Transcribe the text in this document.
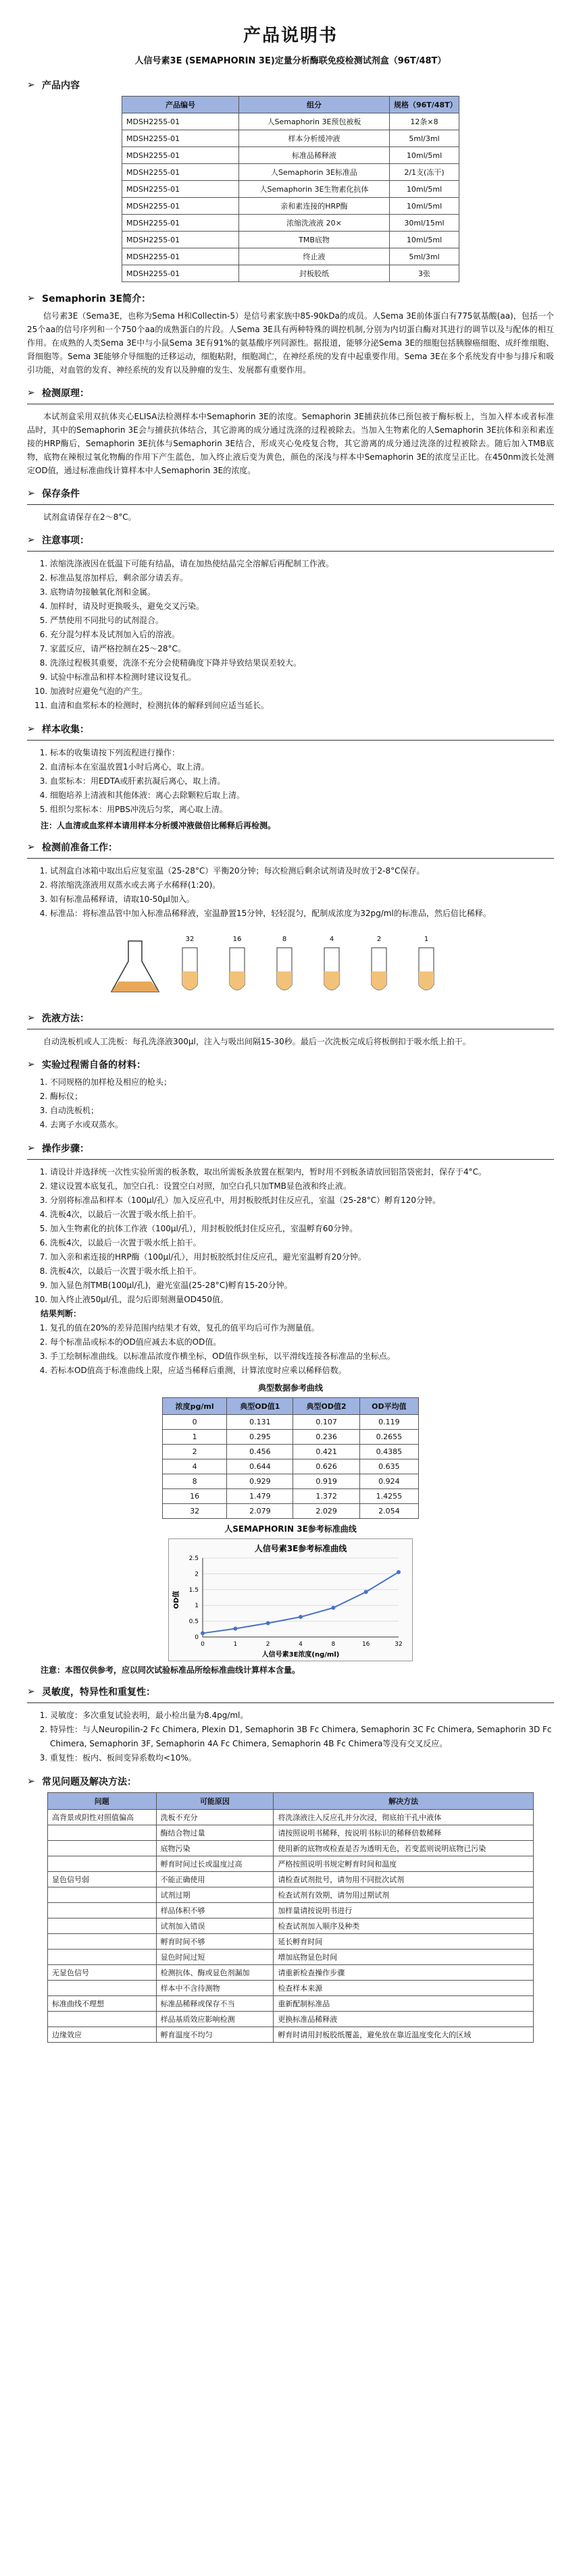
产品说明书
人信号素3E (SEMAPHORIN 3E)定量分析酶联免疫检测试剂盒（96T/48T）
➢ 产品内容
产品编号	组分	规格（96T/48T）
MDSH2255-01	人Semaphorin 3E预包被板	12条×8
MDSH2255-01	样本分析缓冲液	5ml/3ml
MDSH2255-01	标准品稀释液	10ml/5ml
MDSH2255-01	人Semaphorin 3E标准品	2/1支(冻干)
MDSH2255-01	人Semaphorin 3E生物素化抗体	10ml/5ml
MDSH2255-01	亲和素连接的HRP酶	10ml/5ml
MDSH2255-01	浓缩洗液液 20×	30ml/15ml
MDSH2255-01	TMB底物	10ml/5ml
MDSH2255-01	终止液	5ml/3ml
MDSH2255-01	封板胶纸	3张
➢ Semaphorin 3E简介：

信号素3E（Sema3E，也称为Sema H和Collectin-5）是信号素家族中85-90kDa的成员。人Sema 3E前体蛋白有775氨基酸(aa)，包括一个25个aa的信号序列和一个750个aa的成熟蛋白的片段。人Sema 3E具有两种特殊的调控机制,分别为内切蛋白酶对其进行的调节以及与配体的相互作用。在成熟的人类Sema 3E中与小鼠Sema 3E有91%的氨基酸序列同源性。据报道，能够分泌Sema 3E的细胞包括胰腺癌细胞、成纤维细胞、肾细胞等。Sema 3E能够介导细胞的迁移运动，细胞粘附，细胞凋亡，在神经系统的发育中起重要作用。Sema 3E在多个系统发育中参与排斥和吸引功能，对血管的发育、神经系统的发育以及肿瘤的发生、发展都有重要作用。

➢ 检测原理：

本试剂盒采用双抗体夹心ELISA法检测样本中Semaphorin 3E的浓度。Semaphorin 3E捕获抗体已预包被于酶标板上，当加入样本或者标准品时，其中的Semaphorin 3E会与捕获抗体结合，其它游离的成分通过洗涤的过程被除去。当加入生物素化的人Semaphorin 3E抗体和亲和素连接的HRP酶后，Semaphorin 3E抗体与Semaphorin 3E结合，形成夹心免疫复合物，其它游离的成分通过洗涤的过程被除去。随后加入TMB底物，底物在辣根过氧化物酶的作用下产生蓝色，加入终止液后变为黄色，颜色的深浅与样本中Semaphorin 3E的浓度呈正比。在450nm波长处测定OD值，通过标准曲线计算样本中人Semaphorin 3E的浓度。

➢ 保存条件

试剂盒请保存在2～8°C。

➢ 注意事项：
1. 浓缩洗涤液因在低温下可能有结晶，请在加热使结晶完全溶解后再配制工作液。
2. 标准品复溶加样后，剩余部分请丢弃。
3. 底物请勿接触氧化剂和金属。
4. 加样时，请及时更换吸头，避免交叉污染。
5. 严禁使用不同批号的试剂混合。
6. 充分混匀样本及试剂加入后的溶液。
7. 家蓝反应，请严格控制在25～28°C。
8. 洗涤过程极其重要，洗涤不充分会使精确度下降并导致结果误差较大。
9. 试验中标准品和样本检测时建议设复孔。
10. 加液时应避免气泡的产生。
11. 血清和血浆标本的检测时，检测抗体的解释到间应适当延长。
➢ 样本收集：
1. 标本的收集请按下列流程进行操作：
2. 血清标本在室温放置1小时后离心，取上清。
3. 血浆标本：用EDTA或肝素抗凝后离心，取上清。
4. 细胞培养上清液和其他体液：离心去除颗粒后取上清。
5. 组织匀浆标本：用PBS冲洗后匀浆，离心取上清。
注：人血清或血浆样本请用样本分析缓冲液做倍比稀释后再检测。
➢ 检测前准备工作：
1. 试剂盒自冰箱中取出后应复室温（25-28°C）平衡20分钟；每次检测后剩余试剂请及时放于2-8°C保存。
2. 将浓缩洗涤液用双蒸水或去离子水稀释(1:20)。
3. 如有标准品稀释请，请取10-50μl加入。
4. 标准品：将标准品管中加入标准品稀释液，室温静置15分钟，轻轻混匀，配制成浓度为32pg/ml的标准品，然后倍比稀释。
32	16	8	4	2	1
➢ 洗液方法：

自动洗板机或人工洗板：每孔洗涤液300μl，注入与吸出间隔15-30秒。最后一次洗板完成后将板倒扣于吸水纸上拍干。

➢ 实验过程需自备的材料：
1. 不同规格的加样枪及相应的枪头；
2. 酶标仪；
3. 自动洗板机；
4. 去离子水或双蒸水。
➢ 操作步骤：
1. 请设计并选择统一次性实验所需的板条数，取出所需板条放置在框架内，暂时用不到板条请放回铝箔袋密封，保存于4°C。
2. 建议设置本底复孔，加空白孔：设置空白对照，加空白孔只加TMB显色液和终止液。
3. 分别将标准品和样本（100μl/孔）加入反应孔中，用封板胶纸封住反应孔，室温（25-28°C）孵育120分钟。
4. 洗板4次，以最后一次置于吸水纸上拍干。
5. 加入生物素化的抗体工作液（100μl/孔），用封板胶纸封住反应孔，室温孵育60分钟。
6. 洗板4次，以最后一次置于吸水纸上拍干。
7. 加入亲和素连接的HRP酶（100μl/孔），用封板胶纸封住反应孔，避光室温孵育20分钟。
8. 洗板4次，以最后一次置于吸水纸上拍干。
9. 加入显色剂TMB(100μl/孔)，避光室温(25-28°C)孵育15-20分钟。
10. 加入终止液50μl/孔，混匀后即刻测量OD450值。
结果判断：
1. 复孔的值在20%的差异范围内结果才有效，复孔的值平均后可作为测量值。
2. 每个标准品或标本的OD值应减去本底的OD值。
3. 手工绘制标准曲线。以标准品浓度作横坐标，OD值作纵坐标，以平滑线连接各标准品的坐标点。
4. 若标本OD值高于标准曲线上限，应适当稀释后重测，计算浓度时应乘以稀释倍数。
典型数据参考曲线
浓度pg/ml	典型OD值1	典型OD值2	OD平均值
0	0.131	0.107	0.119
1	0.295	0.236	0.2655
2	0.456	0.421	0.4385
4	0.644	0.626	0.635
8	0.929	0.919	0.924
16	1.479	1.372	1.4255
32	2.079	2.029	2.054
人SEMAPHORIN 3E参考标准曲线
人信号素3E参考标准曲线
0
0.5
1
1.5
2
2.5
0	1	2	4	8	16	32
人信号素3E浓度(ng/ml)
OD值
注意：本图仅供参考，应以同次试验标准品所绘标准曲线计算样本含量。
➢ 灵敏度，特异性和重复性：
1. 灵敏度：多次重复试验表明，最小检出量为8.4pg/ml。
2. 特异性：与人Neuropilin-2 Fc Chimera, Plexin D1, Semaphorin 3B Fc Chimera, Semaphorin 3C Fc Chimera, Semaphorin 3D Fc Chimera, Semaphorin 3F, Semaphorin 4A Fc Chimera, Semaphorin 4B Fc Chimera等没有交叉反应。
3. 重复性：板内、板间变异系数均<10%。
➢ 常见问题及解决方法：
问题	可能原因	解决方法
高背景或阴性对照值偏高	洗板不充分	将洗涤液注入反应孔并分次浸，彻底拍干孔中液体
	酶结合物过量	请按照说明书稀释，按说明书标识的稀释倍数稀释
	底物污染	使用新的底物或检查是否为透明无色，若变蓝则说明底物已污染
	孵育时间过长或温度过高	严格按照说明书规定孵育时间和温度
显色信号弱	不能正确使用	请检查试剂批号，请勿用不同批次试剂
	试剂过期	检查试剂有效期，请勿用过期试剂
	样品体积不够	加样量请按说明书进行
	试剂加入错误	检查试剂加入顺序及种类
	孵育时间不够	延长孵育时间
	显色时间过短	增加底物显色时间
无显色信号	检测抗体、酶或显色剂漏加	请重新检查操作步骤
	样本中不含待测物	检查样本来源
标准曲线不理想	标准品稀释或保存不当	重新配制标准品
	样品基质效应影响检测	更换标准品稀释液
边缘效应	孵育温度不均匀	孵育时请用封板胶纸覆盖，避免放在靠近温度变化大的区域
